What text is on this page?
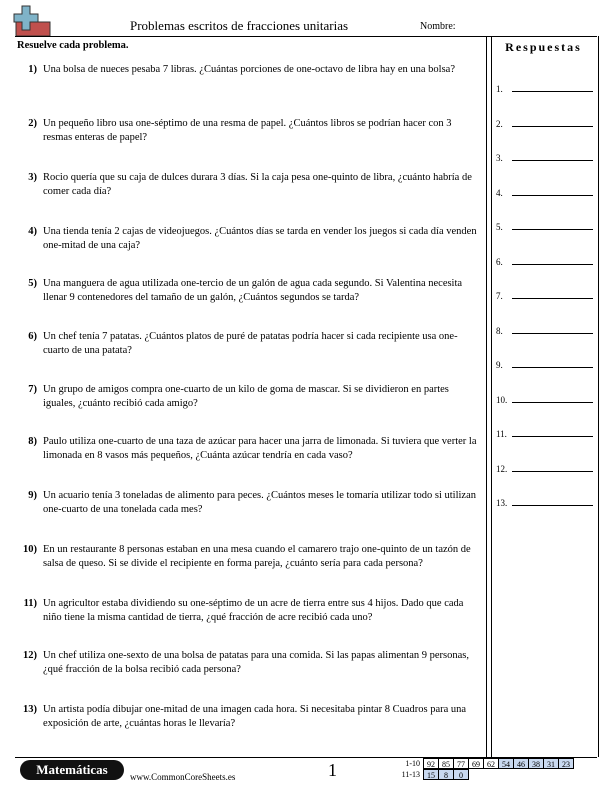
Problemas escritos de fracciones unitarias	Nombre:
Resuelve cada problema.	Respuestas
1.
2.
3.
4.
5.
6.
7.
8.
9.
10.
11.
12.
13.
1) Una bolsa de nueces pesaba 7 libras. ¿Cuántas porciones de one-octavo de libra hay en una bolsa?
2) Un pequeño libro usa one-séptimo de una resma de papel. ¿Cuántos libros se podrían hacer con 3 resmas enteras de papel?
3) Rocio quería que su caja de dulces durara 3 días. Si la caja pesa one-quinto de libra, ¿cuánto habría de comer cada día?
4) Una tienda tenía 2 cajas de videojuegos. ¿Cuántos días se tarda en vender los juegos si cada día venden one-mitad de una caja?
5) Una manguera de agua utilizada one-tercio de un galón de agua cada segundo. Si Valentina necesita llenar 9 contenedores del tamaño de un galón, ¿Cuántos segundos se tarda?
6) Un chef tenía 7 patatas. ¿Cuántos platos de puré de patatas podría hacer si cada recipiente usa one-cuarto de una patata?
7) Un grupo de amigos compra one-cuarto de un kilo de goma de mascar. Si se dividieron en partes iguales, ¿cuánto recibió cada amigo?
8) Paulo utiliza one-cuarto de una taza de azúcar para hacer una jarra de limonada. Si tuviera que verter la limonada en 8 vasos más pequeños, ¿Cuánta azúcar tendría en cada vaso?
9) Un acuario tenía 3 toneladas de alimento para peces. ¿Cuántos meses le tomaría utilizar todo si utilizan one-cuarto de una tonelada cada mes?
10) En un restaurante 8 personas estaban en una mesa cuando el camarero trajo one-quinto de un tazón de salsa de queso. Si se divide el recipiente en forma pareja, ¿cuánto sería para cada persona?
11) Un agricultor estaba dividiendo su one-séptimo de un acre de tierra entre sus 4 hijos. Dado que cada niño tiene la misma cantidad de tierra, ¿qué fracción de acre recibió cada uno?
12) Un chef utiliza one-sexto de una bolsa de patatas para una comida. Si las papas alimentan 9 personas, ¿qué fracción de la bolsa recibió cada persona?
13) Un artista podía dibujar one-mitad de una imagen cada hora. Si necesitaba pintar 8 Cuadros para una exposición de arte, ¿cuántas horas le llevaría?
Matemáticas	www.CommonCoreSheets.es	1	1-10 92 85 77 69 62 54 46 38 31 23
11-13 15	8	0
